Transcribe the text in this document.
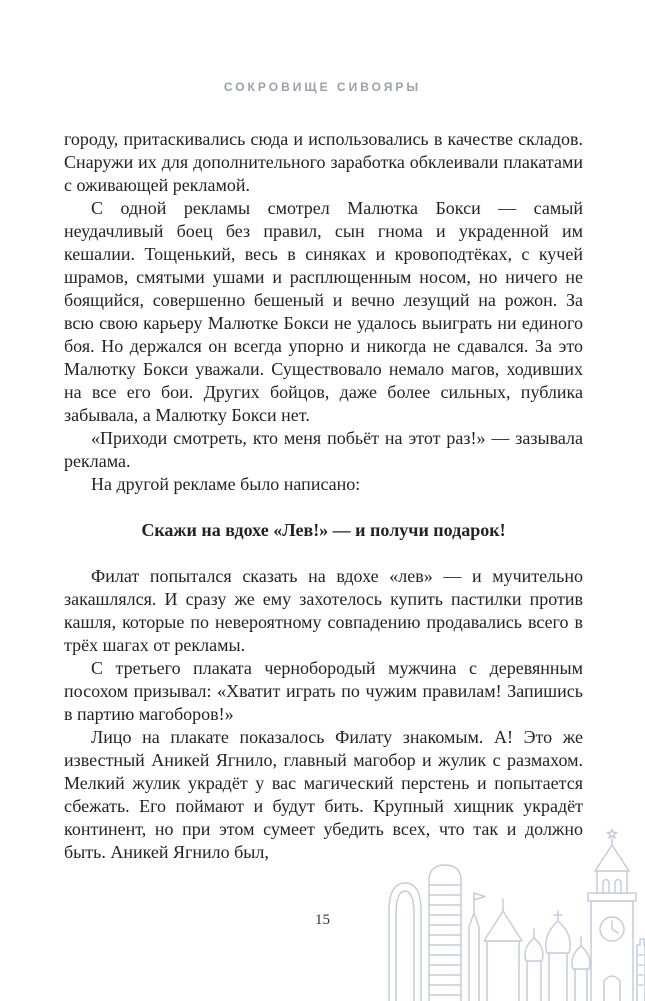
СОКРОВИЩЕ СИВОЯРЫ

городу, притаскивались сюда и использовались в качестве складов. Снаружи их для дополнительного заработка обклеивали плакатами с оживающей рекламой.

С одной рекламы смотрел Малютка Бокси — самый неудачливый боец без правил, сын гнома и украденной им кешалии. Тощенький, весь в синяках и кровоподтёках, с кучей шрамов, смятыми ушами и расплющенным носом, но ничего не боящийся, совершенно бешеный и вечно лезущий на рожон. За всю свою карьеру Малютке Бокси не удалось выиграть ни единого боя. Но держался он всегда упорно и никогда не сдавался. За это Малютку Бокси уважали. Существовало немало магов, ходивших на все его бои. Других бойцов, даже более сильных, публика забывала, а Малютку Бокси нет.

«Приходи смотреть, кто меня побьёт на этот раз!» — зазывала реклама.

На другой рекламе было написано:

Скажи на вдохе «Лев!» — и получи подарок!

Филат попытался сказать на вдохе «лев» — и мучительно закашлялся. И сразу же ему захотелось купить пастилки против кашля, которые по невероятному совпадению продавались всего в трёх шагах от рекламы.

С третьего плаката чернобородый мужчина с деревянным посохом призывал: «Хватит играть по чужим правилам! Запишись в партию магоборов!»

Лицо на плакате показалось Филату знакомым. А! Это же известный Аникей Ягнило, главный магобор и жулик с размахом. Мелкий жулик украдёт у вас магический перстень и попытается сбежать. Его поймают и будут бить. Крупный хищник украдёт континент, но при этом сумеет убедить всех, что так и должно быть. Аникей Ягнило был,

15
